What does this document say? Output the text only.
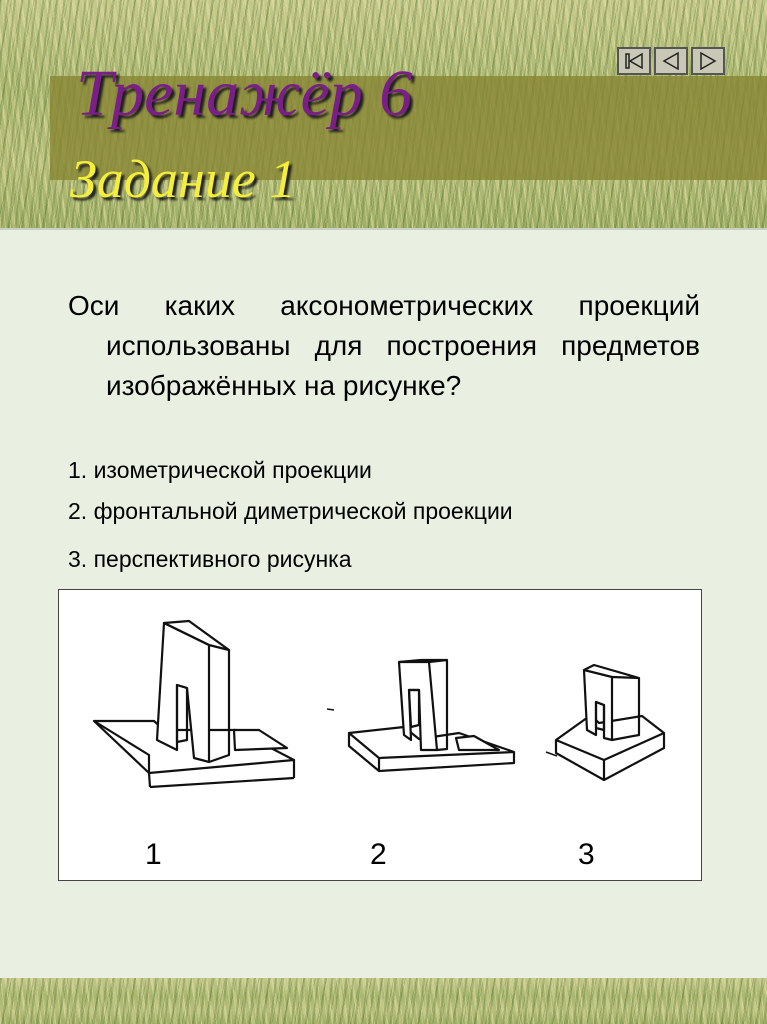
Тренажёр 6
Задание 1

Оси каких аксонометрических проекций использованы для построения предметов изображённых на рисунке?

1. изометрической проекции
2. фронтальной диметрической проекции
3. перспективного рисунка
1	2	3
